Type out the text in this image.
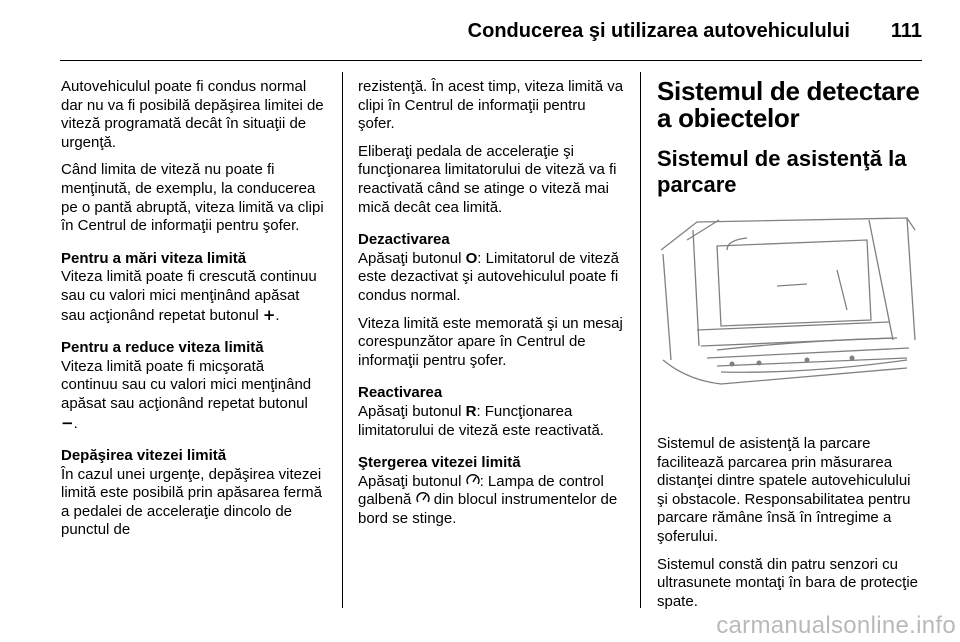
Conducerea şi utilizarea autovehiculului 111

Autovehiculul poate fi condus normal dar nu va fi posibilă depăşirea limitei de viteză programată decât în situaţii de urgenţă.

Când limita de viteză nu poate fi menţinută, de exemplu, la conducerea pe o pantă abruptă, viteza limită va clipi în Centrul de informaţii pentru şofer.

Pentru a mări viteza limită

Viteza limită poate fi crescută continuu sau cu valori mici menţinând apăsat sau acţionând repetat butonul +.

Pentru a reduce viteza limită

Viteza limită poate fi micşorată continuu sau cu valori mici menţinând apăsat sau acţionând repetat butonul −.

Depăşirea vitezei limită

În cazul unei urgenţe, depăşirea vitezei limită este posibilă prin apăsarea fermă a pedalei de acceleraţie dincolo de punctul de

rezistenţă. În acest timp, viteza limită va clipi în Centrul de informaţii pentru şofer.

Eliberaţi pedala de acceleraţie şi funcţionarea limitatorului de viteză va fi reactivată când se atinge o viteză mai mică decât cea limită.

Dezactivarea

Apăsaţi butonul O: Limitatorul de viteză este dezactivat şi autovehiculul poate fi condus normal.

Viteza limită este memorată şi un mesaj corespunzător apare în Centrul de informaţii pentru şofer.

Reactivarea

Apăsaţi butonul R: Funcţionarea limitatorului de viteză este reactivată.

Ştergerea vitezei limită

Apăsaţi butonul : Lampa de control galbenă din blocul instrumentelor de bord se stinge.

Sistemul de detectare a obiectelor
Sistemul de asistenţă la parcare

Sistemul de asistenţă la parcare facilitează parcarea prin măsurarea distanţei dintre spatele autovehiculului şi obstacole. Responsabilitatea pentru parcare rămâne însă în întregime a şoferului.

Sistemul constă din patru senzori cu ultrasunete montaţi în bara de protecţie spate.

carmanualsonline.info
